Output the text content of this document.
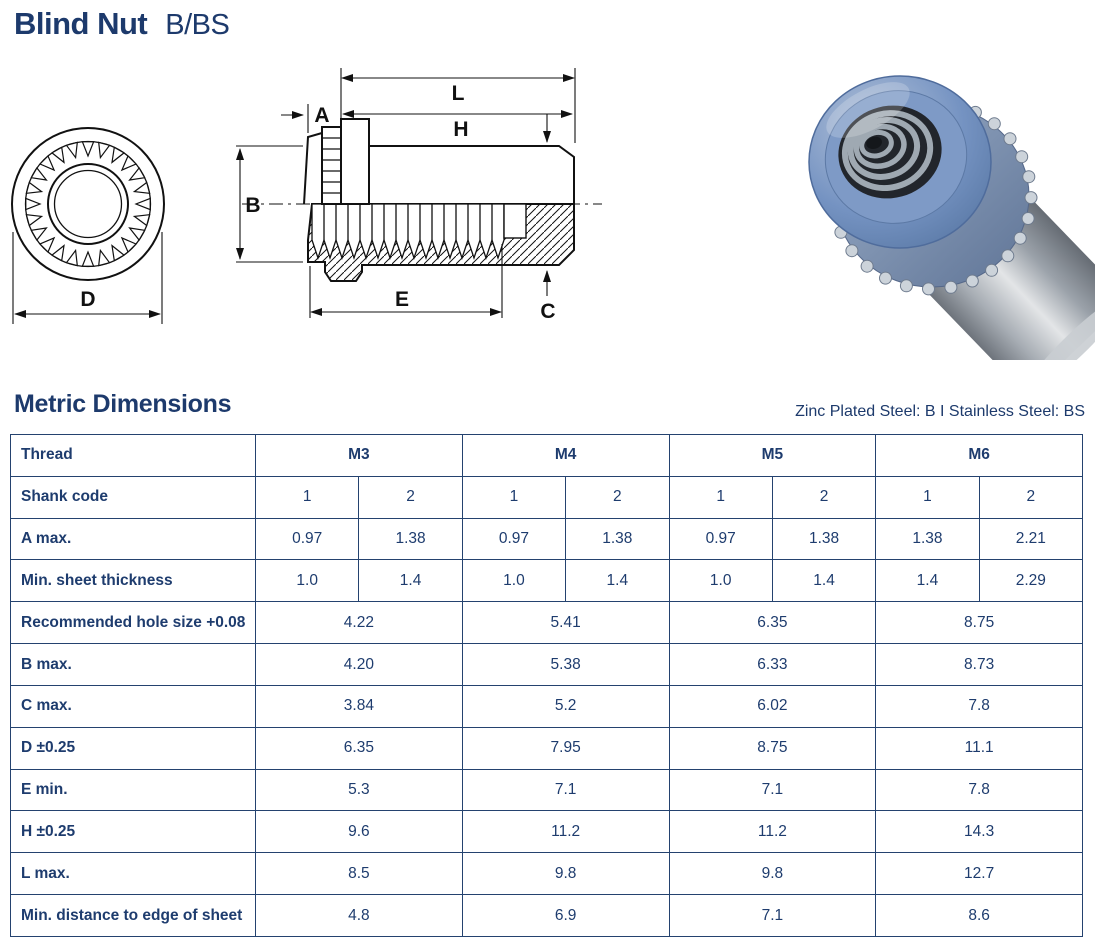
Blind Nut B/BS
D
L
H
A
B
E
C
Metric Dimensions	Zinc Plated Steel: B I Stainless Steel: BS
Thread	M3		M4		M5		M6	
Shank code	1	2	1	2	1	2	1	2
A max.	0.97	1.38	0.97	1.38	0.97	1.38	1.38	2.21
Min. sheet thickness	1.0	1.4	1.0	1.4	1.0	1.4	1.4	2.29
Recommended hole size +0.08	4.22		5.41		6.35		8.75	
B max.	4.20		5.38		6.33		8.73	
C max.	3.84		5.2		6.02		7.8	
D ±0.25	6.35		7.95		8.75		11.1	
E min.	5.3		7.1		7.1		7.8	
H ±0.25	9.6		11.2		11.2		14.3	
L max.	8.5		9.8		9.8		12.7	
Min. distance to edge of sheet	4.8		6.9		7.1		8.6	
